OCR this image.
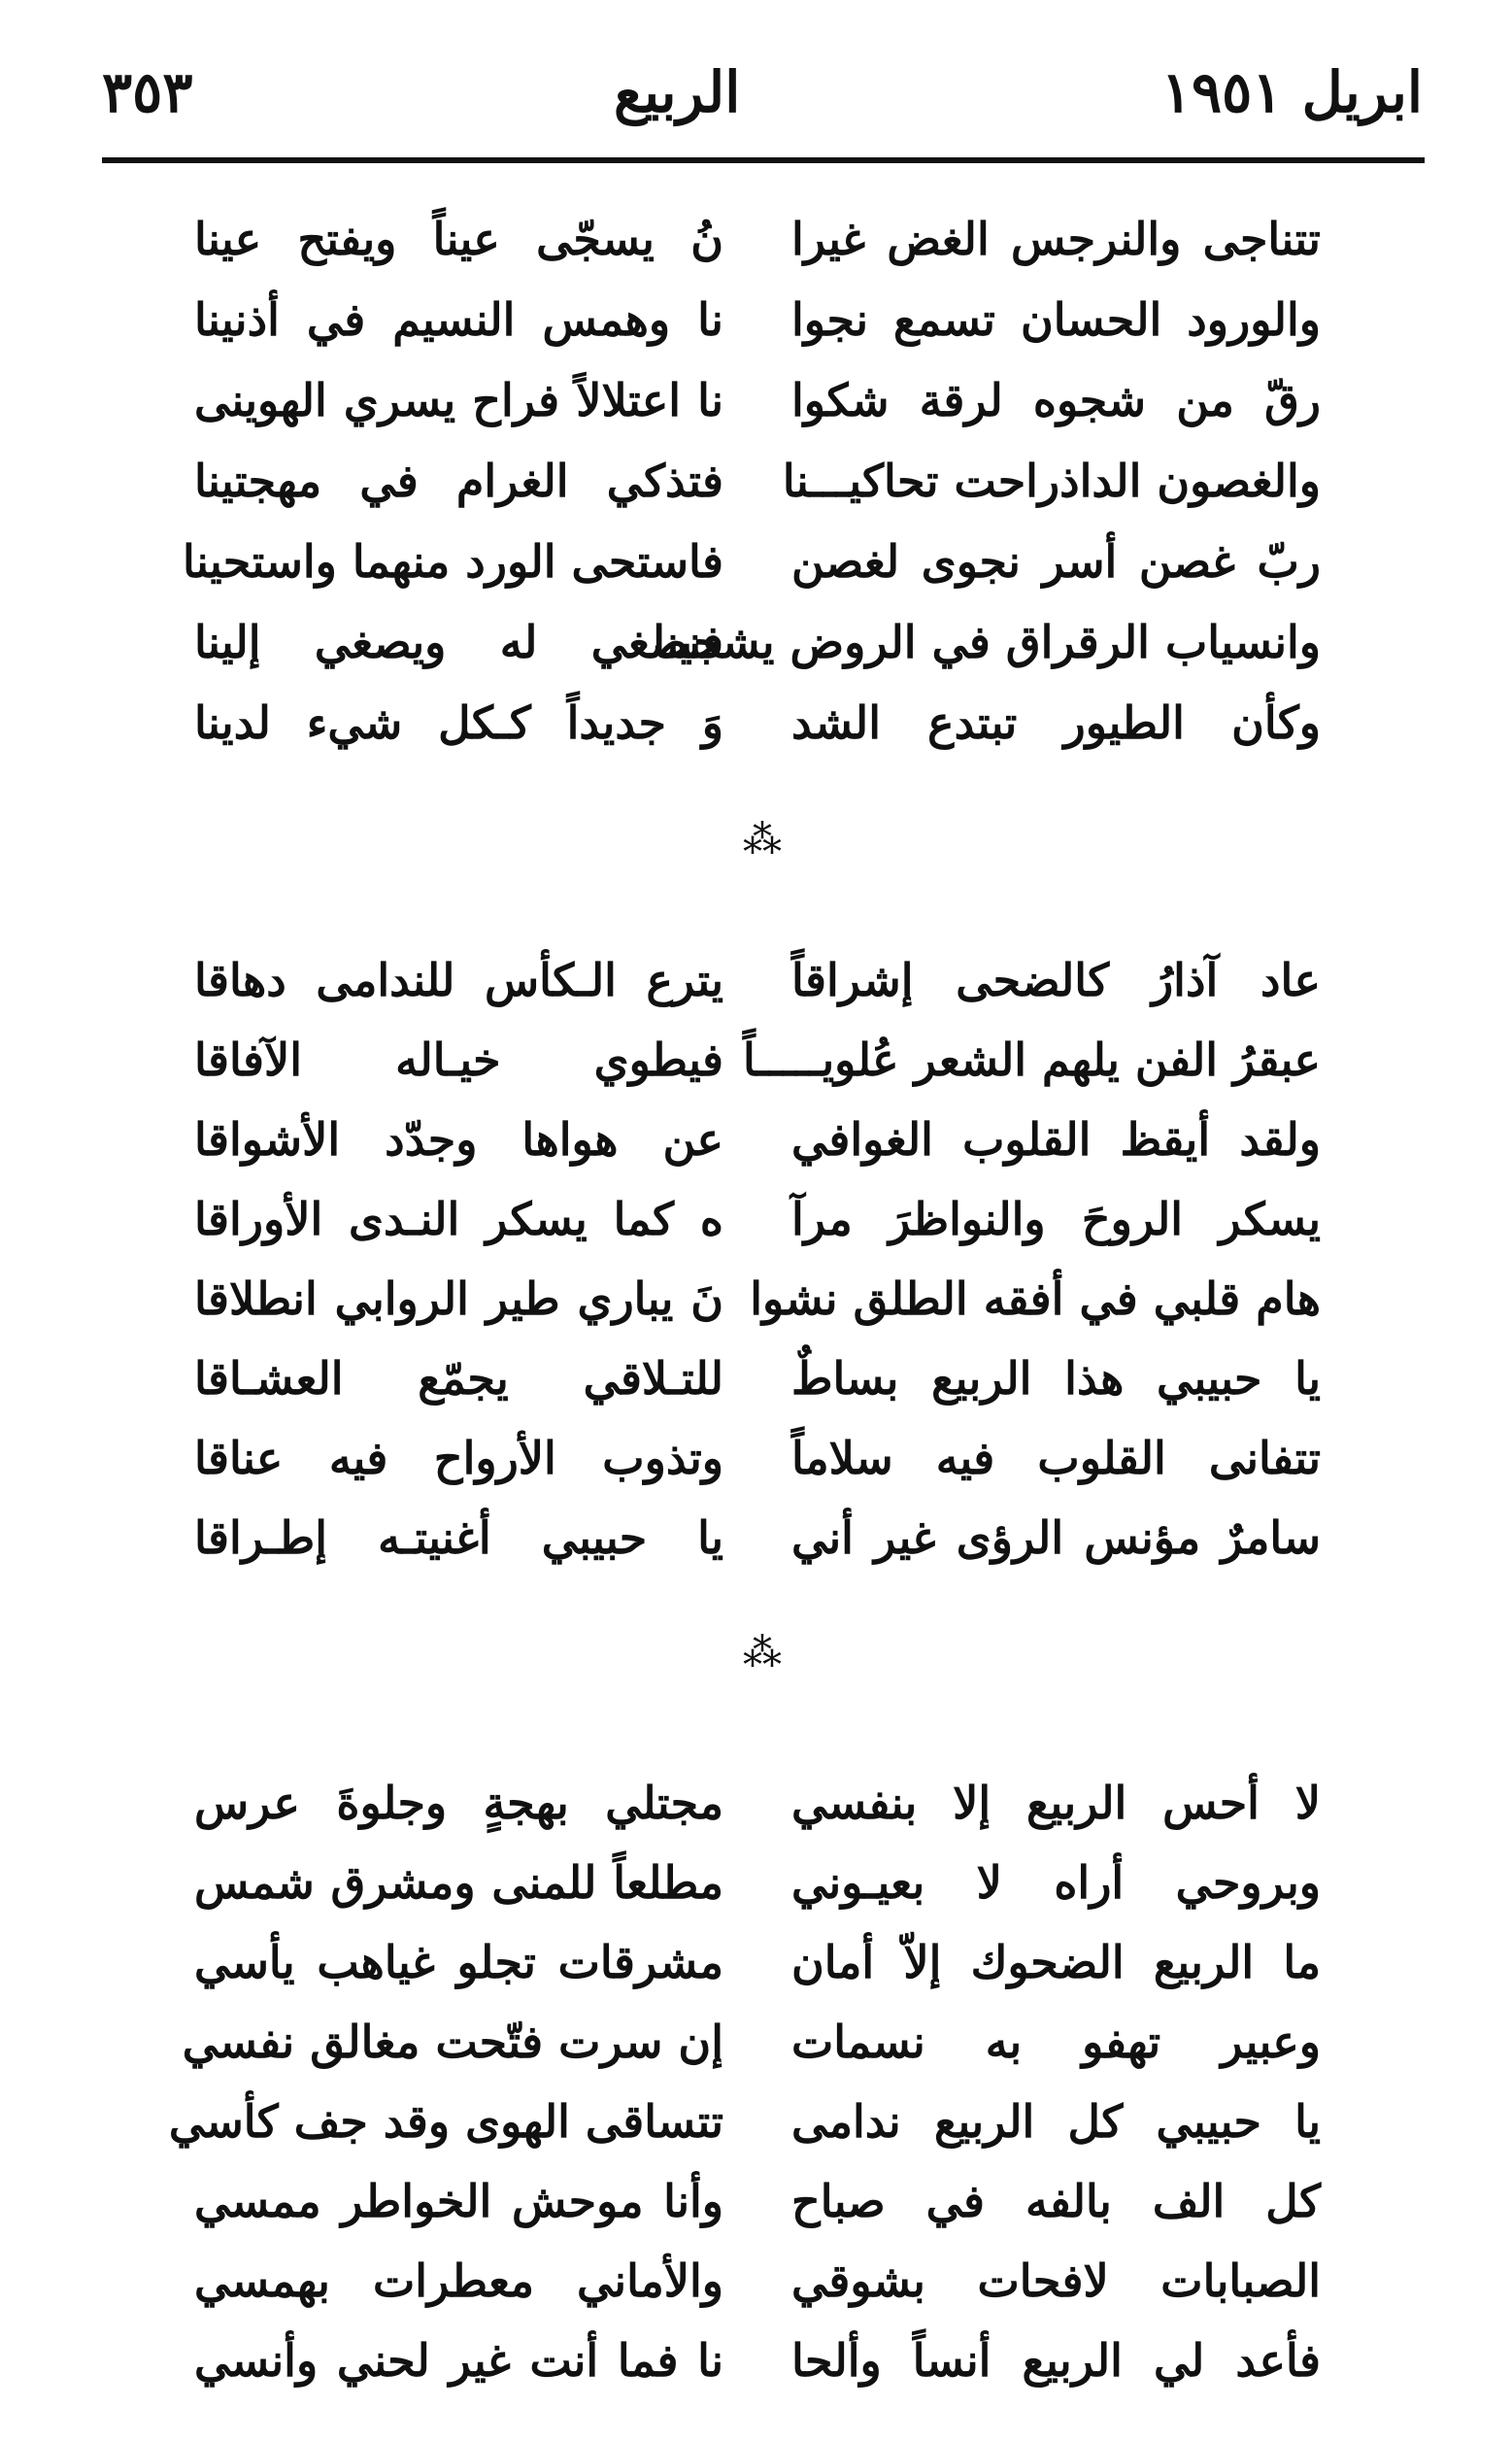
ابريل ١٩٥١
الربيع
٣٥٣
تتناجى والنرجس الغض غيرا
نُ يسجّى عيناً ويفتح عينا
والورود الحسان تسمع نجوا
نا وهمس النسيم في أذنينا
رقّ من شجوه لرقة شكوا
نا اعتلالاً فراح يسري الهوينى
والغصون الداذراحت تحاكيـــنا
فتذكي الغرام في مهجتينا
ربّ غصن أسر نجوى لغصن
فاستحى الورد منهما واستحينا
وانسياب الرقراق في الروض يشجينا
فنصغي له ويصغي إلينا
وكأن الطيور تبتدع الشد
وَ جديداً كـكل شيء لدينا
⁂
عاد آذارُ كالضحى إشراقاً
يترع الـكأس للندامى دهاقا
عبقرُ الفن يلهم الشعر عُلويـــــاً
فيطوي خيـاله الآفاقا
ولقد أيقظ القلوب الغوافي
عن هواها وجدّد الأشواقا
يسكر الروحَ والنواظرَ مرآ
ه كما يسكر النـدى الأوراقا
هام قلبي في أفقه الطلق نشوا
نَ يباري طير الروابي انطلاقا
يا حبيبي هذا الربيع بساطٌ
للتـلاقي يجمّع العشـاقا
تتفانى القلوب فيه سلاماً
وتذوب الأرواح فيه عناقا
سامرٌ مؤنس الرؤى غير أني
يا حبيبي أغنيتـه إطـراقا
⁂
لا أحس الربيع إلا بنفسي
مجتلي بهجةٍ وجلوةَ عرس
وبروحي أراه لا بعيـوني
مطلعاً للمنى ومشرق شمس
ما الربيع الضحوك إلاّ أمان
مشرقات تجلو غياهب يأسي
وعبير تهفو به نسمات
إن سرت فتّحت مغالق نفسي
يا حبيبي كل الربيع ندامى
تتساقى الهوى وقد جف كأسي
كل الف بالفه في صباح
وأنا موحش الخواطر ممسي
الصبابات لافحات بشوقي
والأماني معطرات بهمسي
فأعد لي الربيع أنساً وألحا
نا فما أنت غير لحني وأنسي
